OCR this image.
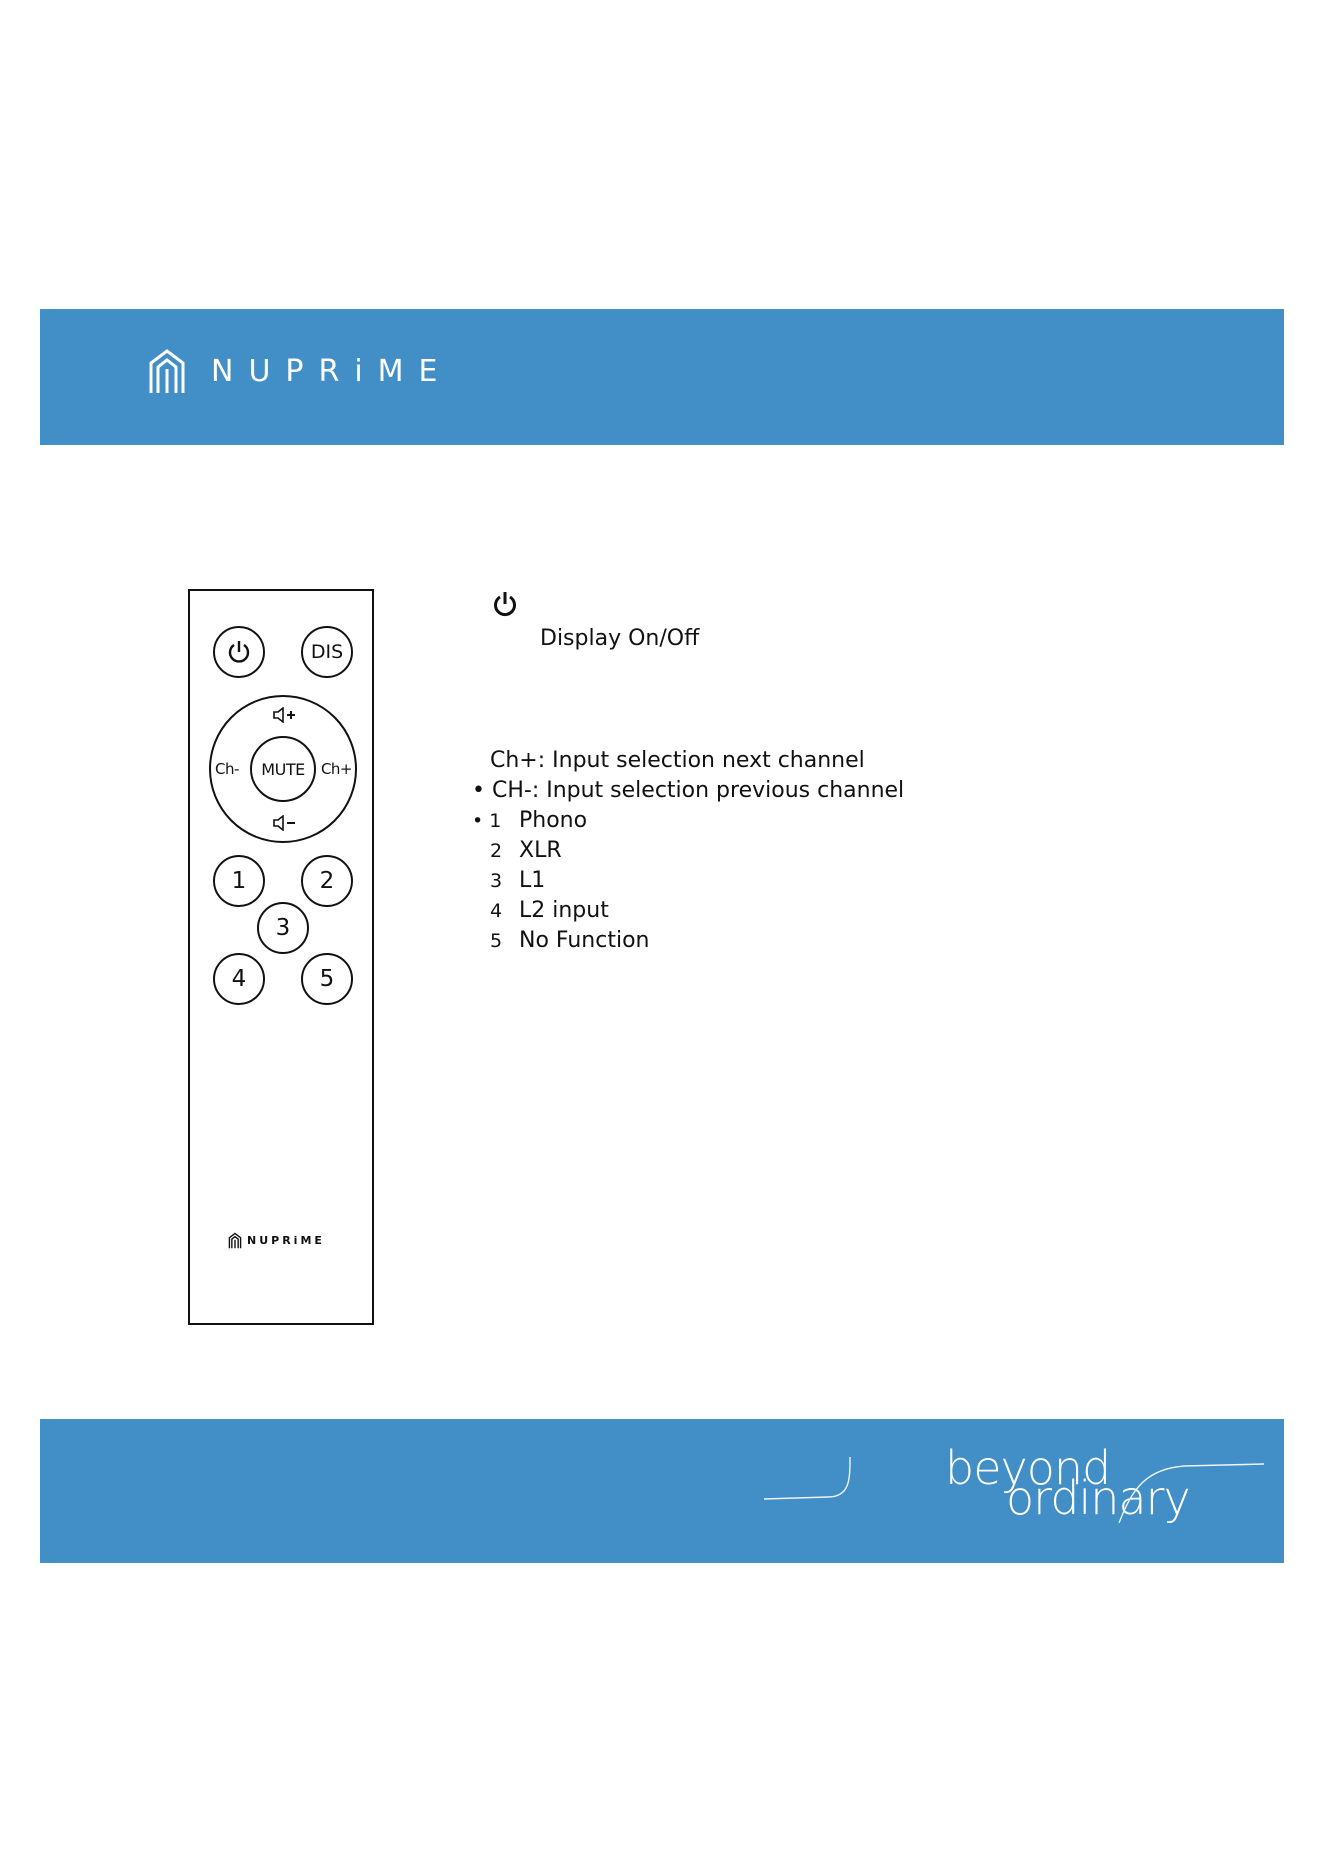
NUPRiME
DIS
Ch-	MUTE	Ch+
1	2
3
4	5
NUPRiME
Display On/Off
Ch+: Input selection next channel
• CH-: Input selection previous channel
• 1 Phono
2 XLR
3 L1
4 L2 input
5 No Function
beyond
ordinary
